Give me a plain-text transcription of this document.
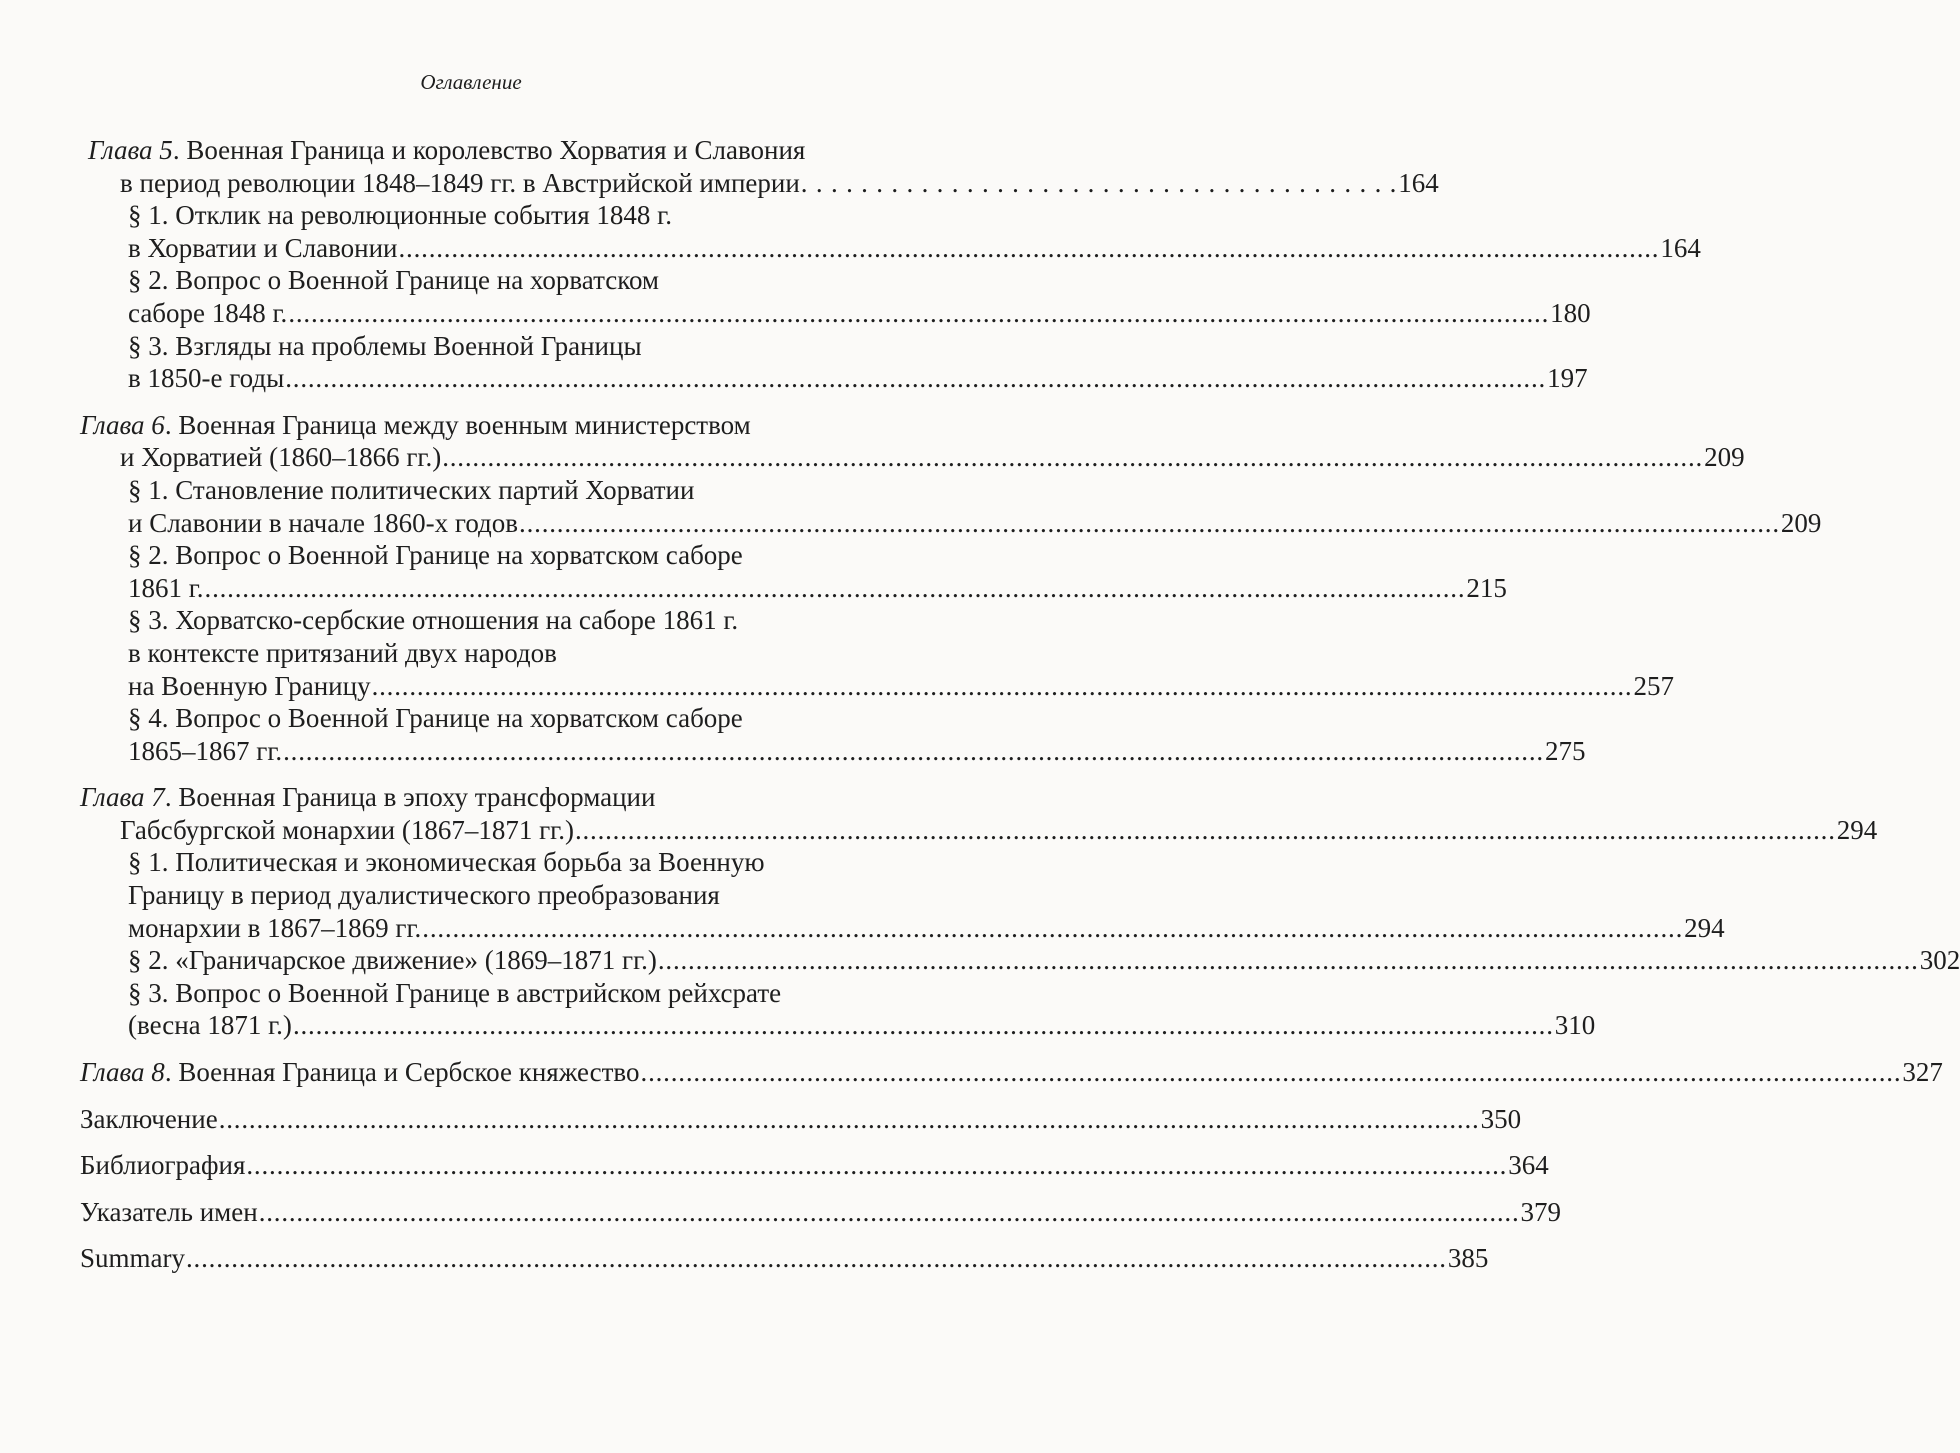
Оглавление
Глава 5. Военная Граница и королевство Хорватия и Славония
в период революции 1848–1849 гг. в Австрийской империи . . . . . . . . . . . . . . . . . . . . . . . . . . . . . . . . . . . . . . . . 164
§ 1. Отклик на революционные события 1848 г.
в Хорватии и Славонии ....................................................................................................................................................................... 164
§ 2. Вопрос о Военной Границе на хорватском
саборе 1848 г. ....................................................................................................................................................................... 180
§ 3. Взгляды на проблемы Военной Границы
в 1850-е годы ....................................................................................................................................................................... 197
Глава 6. Военная Граница между военным министерством
и Хорватией (1860–1866 гг.) ....................................................................................................................................................................... 209
§ 1. Становление политических партий Хорватии
и Славонии в начале 1860-х годов ....................................................................................................................................................................... 209
§ 2. Вопрос о Военной Границе на хорватском саборе
1861 г. ....................................................................................................................................................................... 215
§ 3. Хорватско-сербские отношения на саборе 1861 г.
в контексте притязаний двух народов
на Военную Границу ....................................................................................................................................................................... 257
§ 4. Вопрос о Военной Границе на хорватском саборе
1865–1867 гг. ....................................................................................................................................................................... 275
Глава 7. Военная Граница в эпоху трансформации
Габсбургской монархии (1867–1871 гг.) ....................................................................................................................................................................... 294
§ 1. Политическая и экономическая борьба за Военную
Границу в период дуалистического преобразования
монархии в 1867–1869 гг. ....................................................................................................................................................................... 294
§ 2. «Граничарское движение» (1869–1871 гг.) ....................................................................................................................................................................... 302
§ 3. Вопрос о Военной Границе в австрийском рейхсрате
(весна 1871 г.) ....................................................................................................................................................................... 310
Глава 8. Военная Граница и Сербское княжество ....................................................................................................................................................................... 327
Заключение ....................................................................................................................................................................... 350
Библиография ....................................................................................................................................................................... 364
Указатель имен ....................................................................................................................................................................... 379
Summary ....................................................................................................................................................................... 385
